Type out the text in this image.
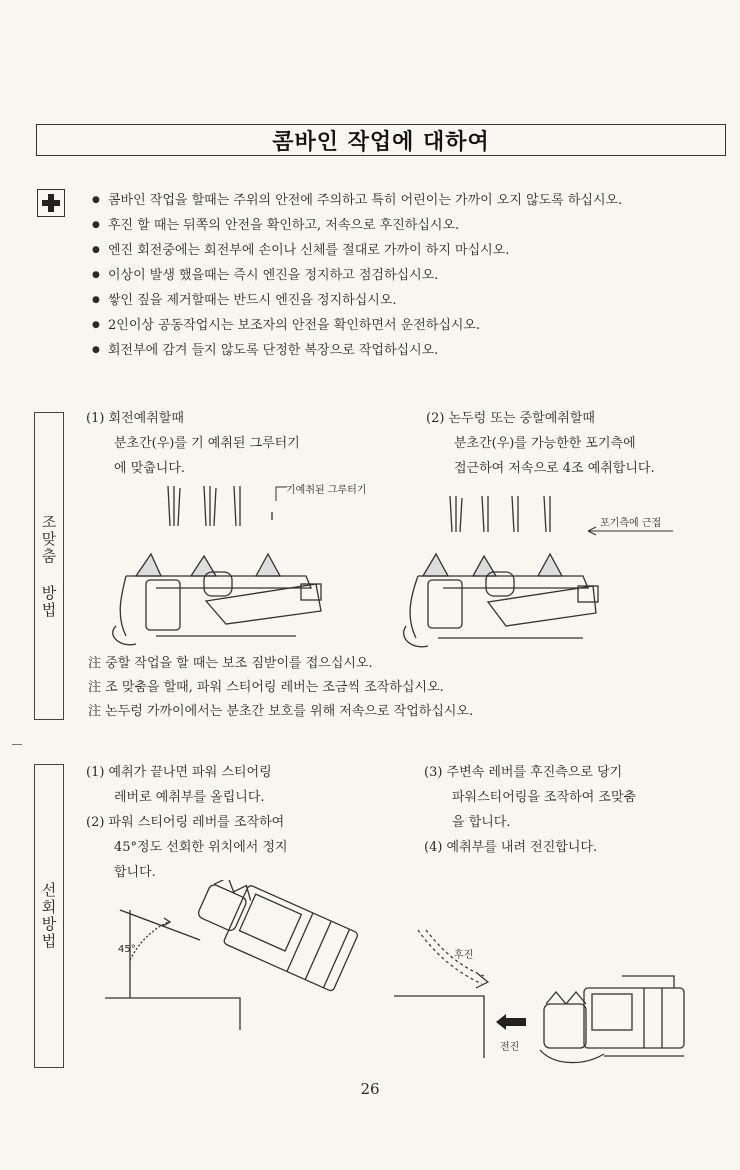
콤바인 작업에 대하여
● 콤바인 작업을 할때는 주위의 안전에 주의하고 특히 어린이는 가까이 오지 않도록 하십시오.
● 후진 할 때는 뒤쪽의 안전을 확인하고, 저속으로 후진하십시오.
● 엔진 회전중에는 회전부에 손이나 신체를 절대로 가까이 하지 마십시오.
● 이상이 발생 했을때는 즉시 엔진을 정지하고 점검하십시오.
● 쌓인 짚을 제거할때는 반드시 엔진을 정지하십시오.
● 2인이상 공동작업시는 보조자의 안전을 확인하면서 운전하십시오.
● 회전부에 감겨 들지 않도록 단정한 복장으로 작업하십시오.
조맞춤 방법
(1) 회전예취할때
분초간(우)를 기 예취된 그루터기
에 맞춥니다.
(2) 논두렁 또는 중할예취할때
분초간(우)를 가능한한 포기측에
접근하여 저속으로 4조 예취합니다.
기예취된 그루터기
포기측에 근접
注 중할 작업을 할 때는 보조 짐받이를 접으십시오.
注 조 맞춤을 할때, 파워 스티어링 레버는 조금씩 조작하십시오.
注 논두렁 가까이에서는 분초간 보호를 위해 저속으로 작업하십시오.
선회방법
(1) 예취가 끝나면 파워 스티어링
레버로 예취부를 올립니다.
(2) 파워 스티어링 레버를 조작하여
45°정도 선회한 위치에서 정지
합니다.
(3) 주변속 레버를 후진측으로 당기
파워스티어링을 조작하여 조맞춤
을 합니다.
(4) 예취부를 내려 전진합니다.
45°
후진
전진
26
